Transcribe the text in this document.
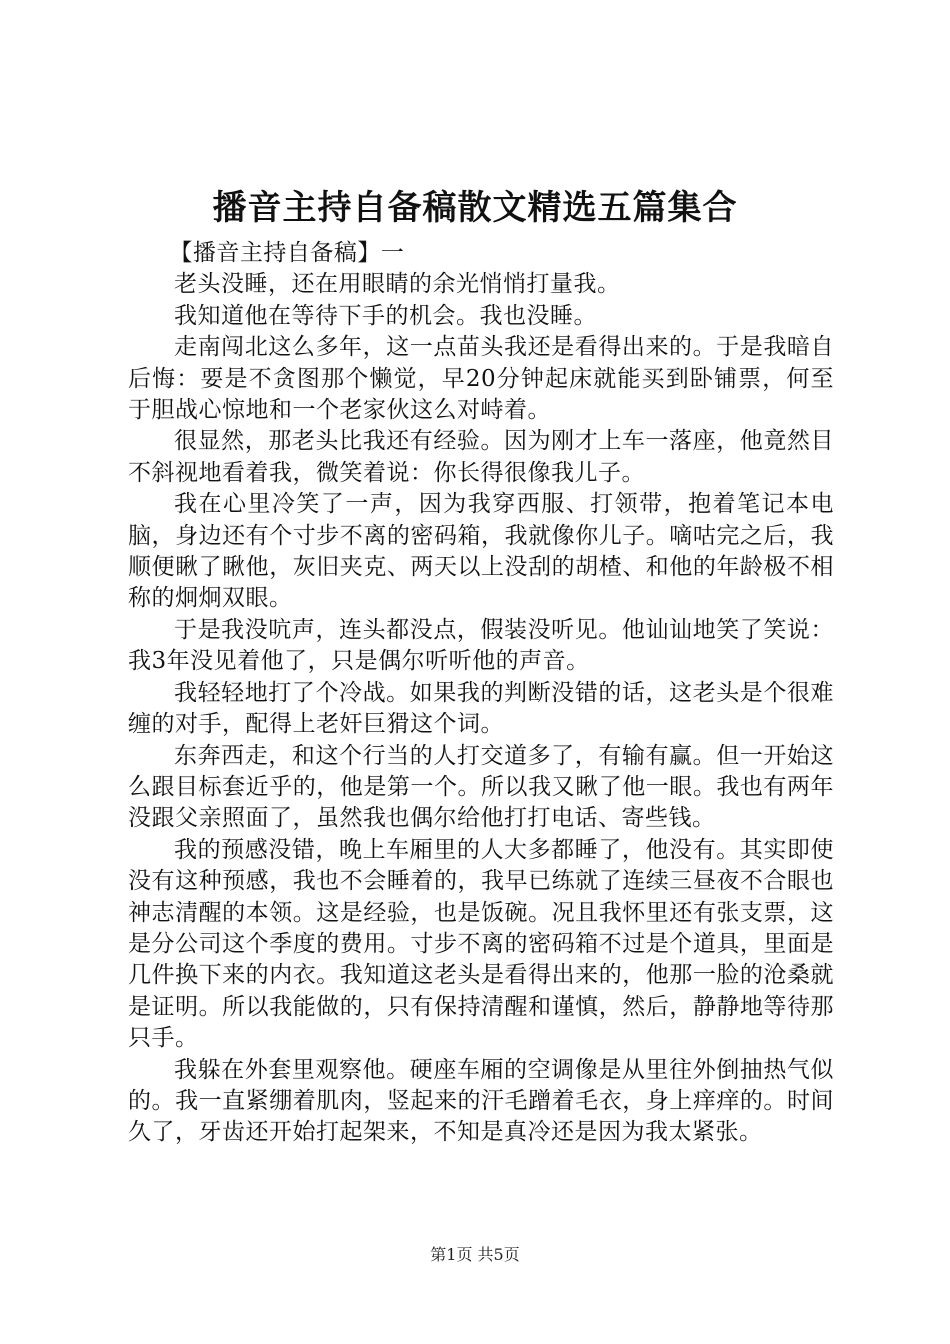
播音主持自备稿散文精选五篇集合

【播音主持自备稿】一

老头没睡，还在用眼睛的余光悄悄打量我。

我知道他在等待下手的机会。我也没睡。

走南闯北这么多年，这一点苗头我还是看得出来的。于是我暗自后悔：要是不贪图那个懒觉，早20分钟起床就能买到卧铺票，何至于胆战心惊地和一个老家伙这么对峙着。

很显然，那老头比我还有经验。因为刚才上车一落座，他竟然目不斜视地看着我，微笑着说：你长得很像我儿子。

我在心里冷笑了一声，因为我穿西服、打领带，抱着笔记本电脑，身边还有个寸步不离的密码箱，我就像你儿子。嘀咕完之后，我顺便瞅了瞅他，灰旧夹克、两天以上没刮的胡楂、和他的年龄极不相称的炯炯双眼。

于是我没吭声，连头都没点，假装没听见。他讪讪地笑了笑说：我3年没见着他了，只是偶尔听听他的声音。

我轻轻地打了个冷战。如果我的判断没错的话，这老头是个很难缠的对手，配得上老奸巨猾这个词。

东奔西走，和这个行当的人打交道多了，有输有赢。但一开始这么跟目标套近乎的，他是第一个。所以我又瞅了他一眼。我也有两年没跟父亲照面了，虽然我也偶尔给他打打电话、寄些钱。

我的预感没错，晚上车厢里的人大多都睡了，他没有。其实即使没有这种预感，我也不会睡着的，我早已练就了连续三昼夜不合眼也神志清醒的本领。这是经验，也是饭碗。况且我怀里还有张支票，这是分公司这个季度的费用。寸步不离的密码箱不过是个道具，里面是几件换下来的内衣。我知道这老头是看得出来的，他那一脸的沧桑就是证明。所以我能做的，只有保持清醒和谨慎，然后，静静地等待那只手。

我躲在外套里观察他。硬座车厢的空调像是从里往外倒抽热气似的。我一直紧绷着肌肉，竖起来的汗毛蹭着毛衣，身上痒痒的。时间久了，牙齿还开始打起架来，不知是真冷还是因为我太紧张。

第1页 共5页
